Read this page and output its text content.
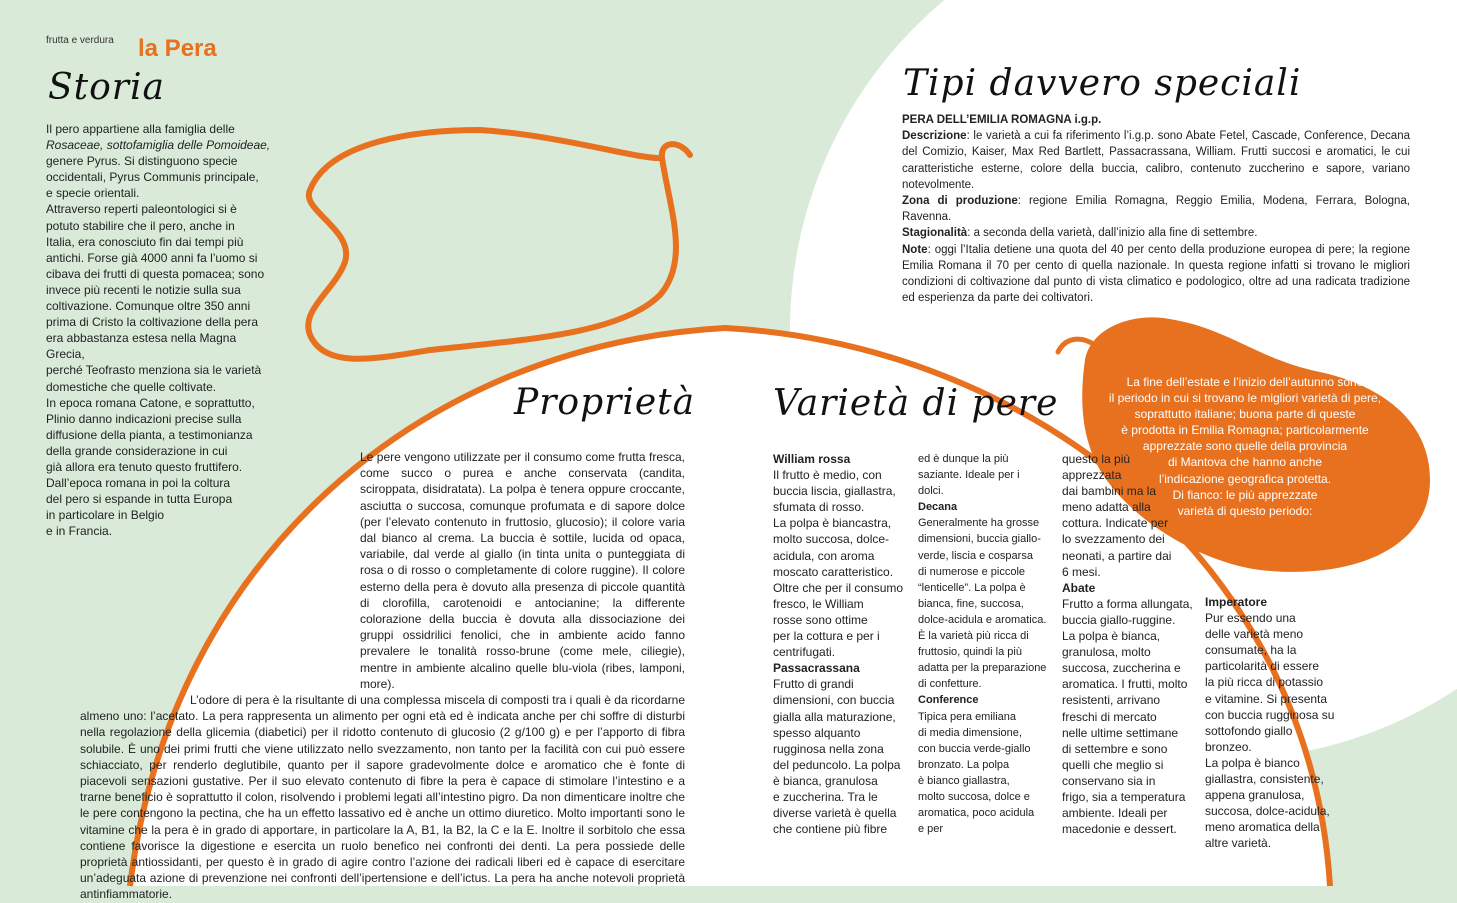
frutta e verdura la Pera
Storia	Tipi davvero speciali
Proprietà Varietà di pere
Il pero appartiene alla famiglia delle
Rosaceae, sottofamiglia delle Pomoideae,
genere Pyrus. Si distinguono specie
occidentali, Pyrus Communis principale,
e specie orientali.
Attraverso reperti paleontologici si è
potuto stabilire che il pero, anche in
Italia, era conosciuto fin dai tempi più
antichi. Forse già 4000 anni fa l’uomo si
cibava dei frutti di questa pomacea; sono
invece più recenti le notizie sulla sua
coltivazione. Comunque oltre 350 anni
prima di Cristo la coltivazione della pera
era abbastanza estesa nella Magna Grecia,
perché Teofrasto menziona sia le varietà
domestiche che quelle coltivate.
In epoca romana Catone, e soprattutto,
Plinio danno indicazioni precise sulla
diffusione della pianta, a testimonianza
della grande considerazione in cui
già allora era tenuto questo fruttifero.
Dall’epoca romana in poi la coltura
del pero si espande in tutta Europa
in particolare in Belgio
e in Francia.
PERA DELL’EMILIA ROMAGNA i.g.p.
Descrizione: le varietà a cui fa riferimento l’i.g.p. sono Abate Fetel, Cascade, Conference, Decana del Comizio, Kaiser, Max Red Bartlett, Passacrassana, William. Frutti succosi e aromatici, le cui caratteristiche esterne, colore della buccia, calibro, contenuto zuccherino e sapore, variano notevolmente.
Zona di produzione: regione Emilia Romagna, Reggio Emilia, Modena, Ferrara, Bologna, Ravenna.
Stagionalità: a seconda della varietà, dall’inizio alla fine di settembre.
Note: oggi l’Italia detiene una quota del 40 per cento della produzione europea di pere; la regione Emilia Romana il 70 per cento di quella nazionale. In questa regione infatti si trovano le migliori condizioni di coltivazione dal punto di vista climatico e podologico, oltre ad una radicata tradizione ed esperienza da parte dei coltivatori.

Le pere vengono utilizzate per il consumo come frutta fresca, come succo o purea e anche conservata (candita, sciroppata, disidratata). La polpa è tenera oppure croccante, asciutta o succosa, comunque profumata e di sapore dolce (per l’elevato contenuto in fruttosio, glucosio); il colore varia dal bianco al crema. La buccia è sottile, lucida od opaca, variabile, dal verde al giallo (in tinta unita o punteggiata di rosa o di rosso o completamente di colore ruggine). Il colore esterno della pera è dovuto alla presenza di piccole quantità di clorofilla, carotenoidi e antocianine; la differente colorazione della buccia è dovuta alla dissociazione dei gruppi ossidrilici fenolici, che in ambiente acido fanno prevalere le tonalità rosso-brune (come mele, ciliegie), mentre in ambiente alcalino quelle blu-viola (ribes, lamponi, more).

L’odore di pera è la risultante di una complessa miscela di composti tra i quali è da ricordarne almeno uno: l’acetato. La pera rappresenta un alimento per ogni età ed è indicata anche per chi soffre di disturbi nella regolazione della glicemia (diabetici) per il ridotto contenuto di glucosio (2 g/100 g) e per l’apporto di fibra solubile. È uno dei primi frutti che viene utilizzato nello svezzamento, non tanto per la facilità con cui può essere schiacciato, per renderlo deglutibile, quanto per il sapore gradevolmente dolce e aromatico che è fonte di piacevoli sensazioni gustative. Per il suo elevato contenuto di fibre la pera è capace di stimolare l’intestino e a trarne beneficio è soprattutto il colon, risolvendo i problemi legati all’intestino pigro. Da non dimenticare inoltre che le pere contengono la pectina, che ha un effetto lassativo ed è anche un ottimo diuretico. Molto importanti sono le vitamine che la pera è in grado di apportare, in particolare la A, B1, la B2, la C e la E. Inoltre il sorbitolo che essa contiene favorisce la digestione e esercita un ruolo benefico nei confronti dei denti. La pera possiede delle proprietà antiossidanti, per questo è in grado di agire contro l’azione dei radicali liberi ed è capace di esercitare un’adeguata azione di prevenzione nei confronti dell’ipertensione e dell’ictus. La pera ha anche notevoli proprietà antinfiammatorie.

William rossa
Il frutto è medio, con
buccia liscia, giallastra,
sfumata di rosso.
La polpa è biancastra,
molto succosa, dolce-
acidula, con aroma
moscato caratteristico.
Oltre che per il consumo
fresco, le William
rosse sono ottime
per la cottura e per i
centrifugati.
Passacrassana
Frutto di grandi
dimensioni, con buccia
gialla alla maturazione,
spesso alquanto
rugginosa nella zona
del peduncolo. La polpa
è bianca, granulosa
e zuccherina. Tra le
diverse varietà è quella
che contiene più fibre
ed è dunque la più
saziante. Ideale per i
dolci.
Decana
Generalmente ha grosse
dimensioni, buccia giallo-
verde, liscia e cosparsa
di numerose e piccole
“lenticelle”. La polpa è
bianca, fine, succosa,
dolce-acidula e aromatica.
È la varietà più ricca di
fruttosio, quindi la più
adatta per la preparazione
di confetture.
Conference
Tipica pera emiliana
di media dimensione,
con buccia verde-giallo
bronzato. La polpa
è bianco giallastra,
molto succosa, dolce e
aromatica, poco acidula
e per
questo la più
apprezzata
dai bambini ma la
meno adatta alla
cottura. Indicate per
lo svezzamento dei
neonati, a partire dai
6 mesi.
Abate
Frutto a forma allungata,
buccia giallo-ruggine.
La polpa è bianca,
granulosa, molto
succosa, zuccherina e
aromatica. I frutti, molto
resistenti, arrivano
freschi di mercato
nelle ultime settimane
di settembre e sono
quelli che meglio si
conservano sia in
frigo, sia a temperatura
ambiente. Ideali per
macedonie e dessert.
Imperatore
Pur essendo una
delle varietà meno
consumate, ha la
particolarità di essere
la più ricca di potassio
e vitamine. Si presenta
con buccia rugginosa su
sottofondo giallo bronzeo.
La polpa è bianco
giallastra, consistente,
appena granulosa,
succosa, dolce-acidula,
meno aromatica della
altre varietà.
La fine dell’estate e l’inizio dell’autunno sono
il periodo in cui si trovano le migliori varietà di pere,
soprattutto italiane; buona parte di queste
è prodotta in Emilia Romagna; particolarmente
apprezzate sono quelle della provincia
di Mantova che hanno anche
l’indicazione geografica protetta.
Di fianco: le più apprezzate
varietà di questo periodo:
